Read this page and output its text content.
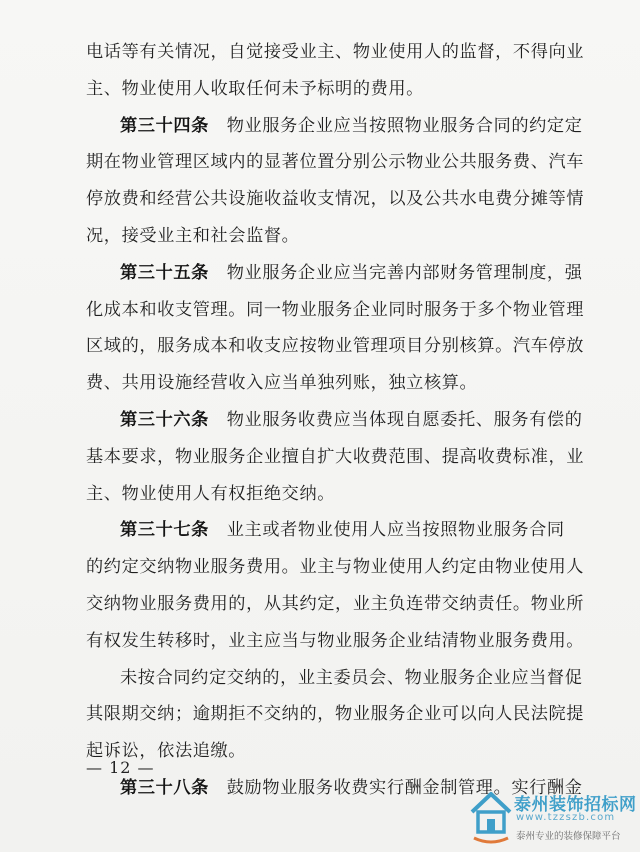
电话等有关情况，自觉接受业主、物业使用人的监督，不得向业
主、物业使用人收取任何未予标明的费用。
第三十四条  物业服务企业应当按照物业服务合同的约定定
期在物业管理区域内的显著位置分别公示物业公共服务费、汽车
停放费和经营公共设施收益收支情况，以及公共水电费分摊等情
况，接受业主和社会监督。
第三十五条  物业服务企业应当完善内部财务管理制度，强
化成本和收支管理。同一物业服务企业同时服务于多个物业管理
区域的，服务成本和收支应按物业管理项目分别核算。汽车停放
费、共用设施经营收入应当单独列账，独立核算。
第三十六条  物业服务收费应当体现自愿委托、服务有偿的
基本要求，物业服务企业擅自扩大收费范围、提高收费标准，业
主、物业使用人有权拒绝交纳。
第三十七条  业主或者物业使用人应当按照物业服务合同
的约定交纳物业服务费用。业主与物业使用人约定由物业使用人
交纳物业服务费用的，从其约定，业主负连带交纳责任。物业所
有权发生转移时，业主应当与物业服务企业结清物业服务费用。
未按合同约定交纳的，业主委员会、物业服务企业应当督促
其限期交纳；逾期拒不交纳的，物业服务企业可以向人民法院提
起诉讼，依法追缴。
第三十八条  鼓励物业服务收费实行酬金制管理。实行酬金
— 12 —
泰州装饰招标网
www.tzzszb.com
泰州专业的装修保障平台
